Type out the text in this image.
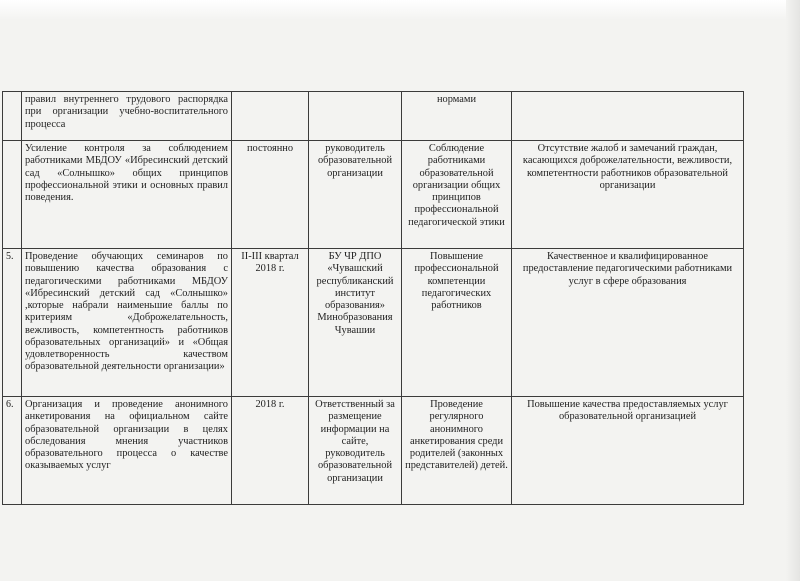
	правил внутреннего трудового распорядка при организации учебно-воспитательного процесса			нормами	
	Усиление контроля за соблюдением работниками МБДОУ «Ибресинский детский сад «Солнышко» общих принципов профессиональной этики и основных правил поведения.	постоянно	руководитель образовательной организации	Соблюдение работниками образовательной организации общих принципов профессиональной педагогической этики	Отсутствие жалоб и замечаний граждан, касающихся доброжелательности, вежливости, компетентности работников образовательной организации
5.	Проведение обучающих семинаров по повышению качества образования с педагогическими работниками МБДОУ «Ибресинский детский сад «Солнышко» ,которые набрали наименьшие баллы по критериям «Доброжелательность, вежливость, компетентность работников образовательных организаций» и «Общая удовлетворенность качеством образовательной деятельности организации»	II-III квартал 2018 г.	БУ ЧР ДПО «Чувашский республиканский институт образования» Минобразования Чувашии	Повышение профессиональной компетенции педагогических работников	Качественное и квалифицированное предоставление педагогическими работниками услуг в сфере образования
6.	Организация и проведение анонимного анкетирования на официальном сайте образовательной организации в целях обследования мнения участников образовательного процесса о качестве оказываемых услуг	2018 г.	Ответственный за размещение информации на сайте, руководитель образовательной организации	Проведение регулярного анонимного анкетирования среди родителей (законных представителей) детей.	Повышение качества предоставляемых услуг образовательной организацией
